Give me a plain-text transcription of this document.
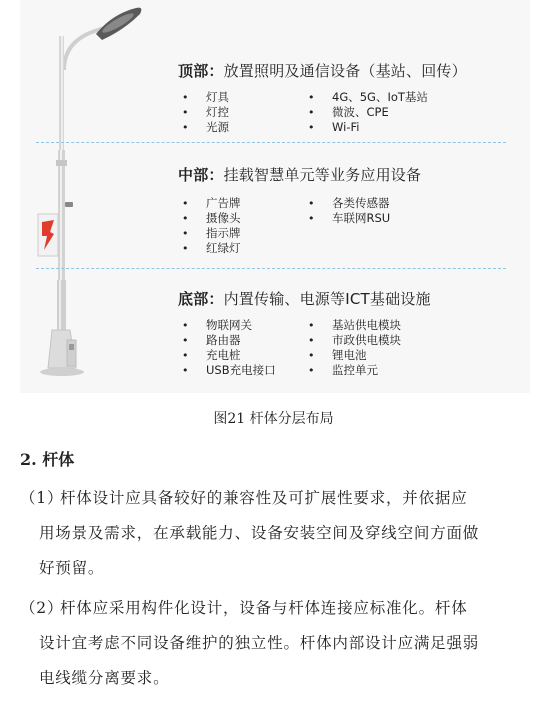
顶部：放置照明及通信设备（基站、回传）
• 灯具
• 灯控
• 光源
• 4G、5G、IoT基站
• 微波、CPE
• Wi-Fi
中部：挂载智慧单元等业务应用设备
• 广告牌
• 摄像头
• 指示牌
• 红绿灯
• 各类传感器
• 车联网RSU
底部：内置传输、电源等ICT基础设施
• 物联网关
• 路由器
• 充电桩
• USB充电接口
• 基站供电模块
• 市政供电模块
• 锂电池
• 监控单元
图21 杆体分层布局
2. 杆体
（1）杆体设计应具备较好的兼容性及可扩展性要求，并依据应
用场景及需求，在承载能力、设备安装空间及穿线空间方面做
好预留。
（2）杆体应采用构件化设计，设备与杆体连接应标准化。杆体
设计宜考虑不同设备维护的独立性。杆体内部设计应满足强弱
电线缆分离要求。
